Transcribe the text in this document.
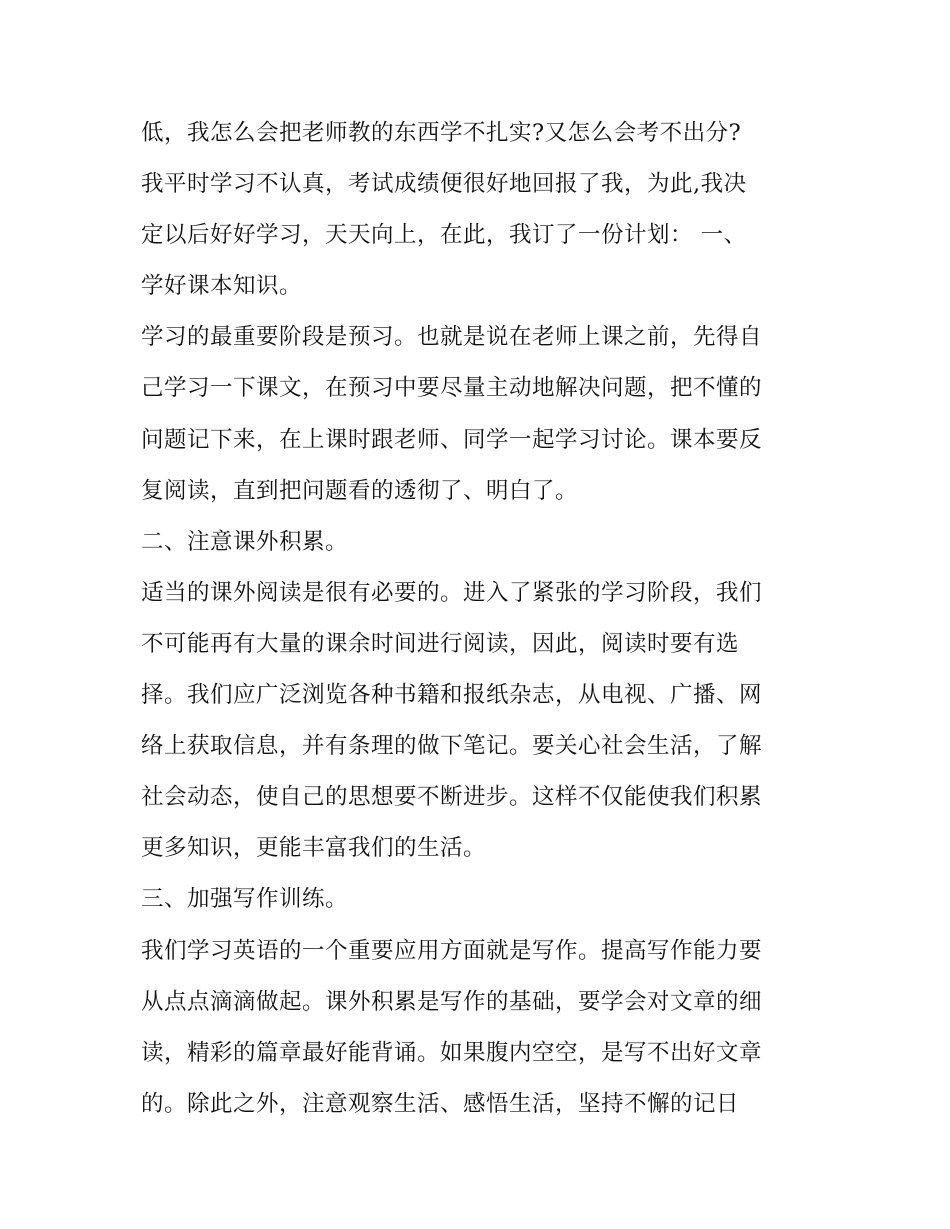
低，我怎么会把老师教的东西学不扎实?又怎么会考不出分?
我平时学习不认真，考试成绩便很好地回报了我，为此,我决
定以后好好学习，天天向上，在此，我订了一份计划： 一、
学好课本知识。
学习的最重要阶段是预习。也就是说在老师上课之前，先得自
己学习一下课文，在预习中要尽量主动地解决问题，把不懂的
问题记下来，在上课时跟老师、同学一起学习讨论。课本要反
复阅读，直到把问题看的透彻了、明白了。
二、注意课外积累。
适当的课外阅读是很有必要的。进入了紧张的学习阶段，我们
不可能再有大量的课余时间进行阅读，因此，阅读时要有选
择。我们应广泛浏览各种书籍和报纸杂志，从电视、广播、网
络上获取信息，并有条理的做下笔记。要关心社会生活，了解
社会动态，使自己的思想要不断进步。这样不仅能使我们积累
更多知识，更能丰富我们的生活。
三、加强写作训练。
我们学习英语的一个重要应用方面就是写作。提高写作能力要
从点点滴滴做起。课外积累是写作的基础，要学会对文章的细
读，精彩的篇章最好能背诵。如果腹内空空，是写不出好文章
的。除此之外，注意观察生活、感悟生活，坚持不懈的记日
